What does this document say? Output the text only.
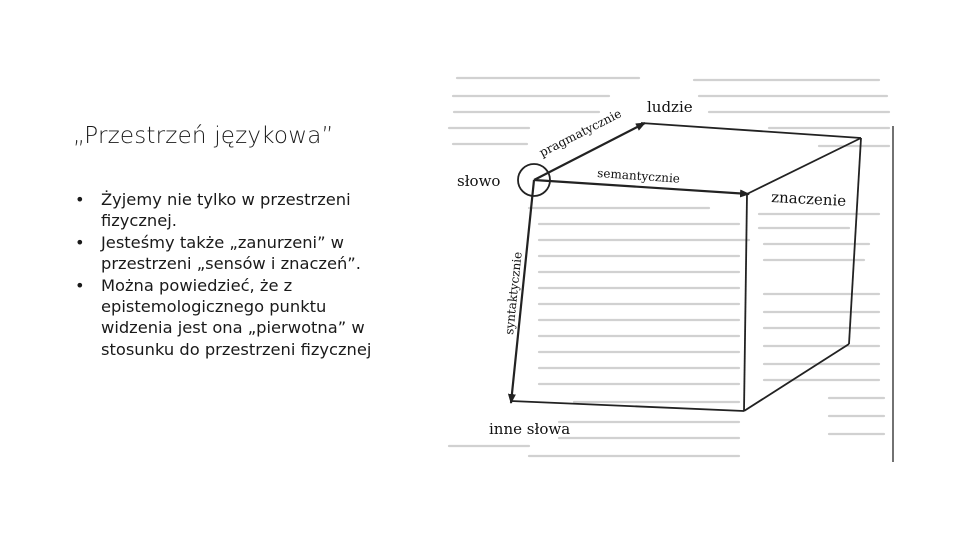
„Przestrzeń językowa”
• Żyjemy nie tylko w przestrzeni fizycznej.
• Jesteśmy także „zanurzeni” w przestrzeni „sensów i znaczeń”.
• Można powiedzieć, że z epistemologicznego punktu widzenia jest ona „pierwotna” w stosunku do przestrzeni fizycznej
słowo
ludzie
znaczenie
inne słowa
pragmatycznie
semantycznie
syntaktycznie
